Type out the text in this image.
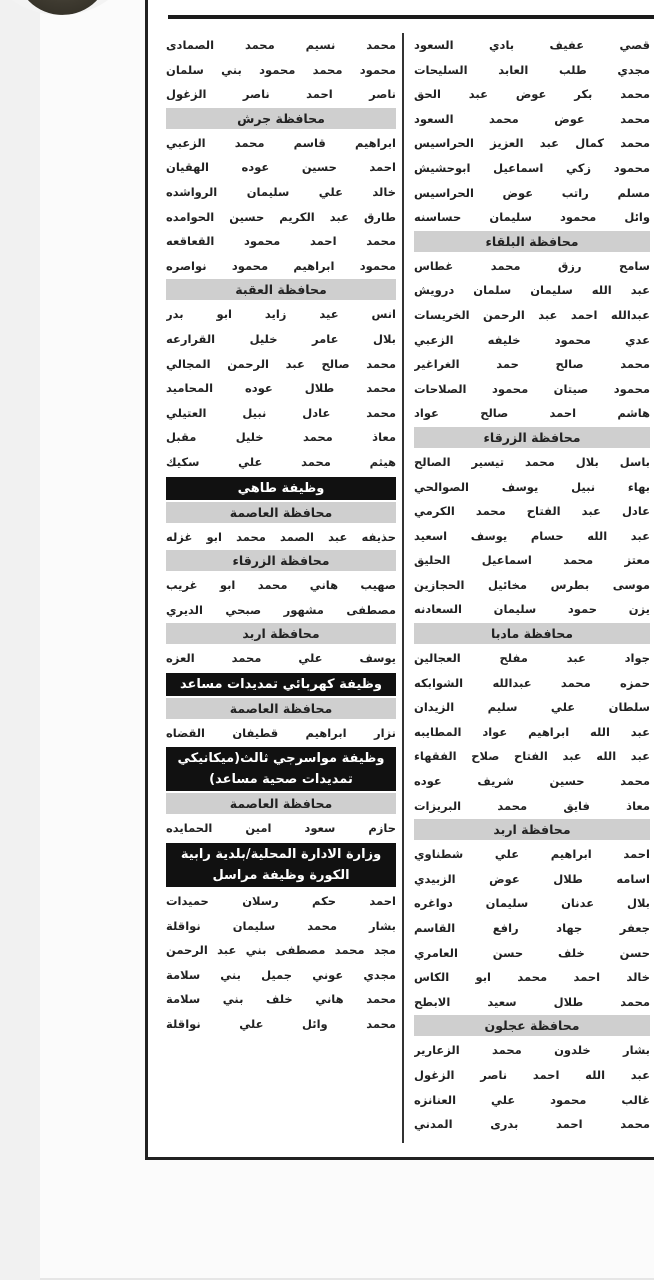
قصي عفيف بادي السعود
مجدي طلب العابد السليحات
محمد بكر عوض عبد الحق
محمد عوض محمد السعود
محمد كمال عبد العزيز الحراسيس
محمود زكي اسماعيل ابوحشيش
مسلم راتب عوض الحراسيس
وائل محمود سليمان حساسنه
محافظة البلقاء
سامح رزق محمد غطاس
عبد الله سليمان سلمان درويش
عبدالله احمد عبد الرحمن الخريسات
عدي محمود خليفه الزعبي
محمد صالح حمد الغراغير
محمود صيتان محمود الصلاحات
هاشم احمد صالح عواد
محافظة الزرقاء
باسل بلال محمد تيسير الصالح
بهاء نبيل يوسف الصوالحي
عادل عبد الفتاح محمد الكرمي
عبد الله حسام يوسف اسعيد
معتز محمد اسماعيل الحليق
موسى بطرس مخائيل الحجازين
يزن حمود سليمان السعادنه
محافظة مادبا
جواد عبد مفلح العجالين
حمزه محمد عبدالله الشوابكه
سلطان علي سليم الزيدان
عبد الله ابراهيم عواد المطايبه
عبد الله عبد الفتاح صلاح الفقهاء
محمد حسين شريف عوده
معاذ فايق محمد البريزات
محافظة اربد
احمد ابراهيم علي شطناوي
اسامه طلال عوض الزبيدي
بلال عدنان سليمان دواغره
جعفر جهاد رافع القاسم
حسن خلف حسن العامري
خالد احمد محمد ابو الكاس
محمد طلال سعيد الابطح
محافظة عجلون
بشار خلدون محمد الزعارير
عبد الله احمد ناصر الزغول
غالب محمود علي العنانزه
محمد احمد بدرى المدني
محمد نسيم محمد الصمادى
محمود محمد محمود بني سلمان
ناصر احمد ناصر الزغول
محافظة جرش
ابراهيم قاسم محمد الزعبي
احمد حسين عوده الهقيان
خالد علي سليمان الرواشده
طارق عبد الكريم حسين الحوامده
محمد احمد محمود القعاقعه
محمود ابراهيم محمود نواصره
محافظة العقبة
انس عيد زايد ابو بدر
بلال عامر خليل القرارعه
محمد صالح عبد الرحمن المجالي
محمد طلال عوده المحاميد
محمد عادل نبيل العتيلي
معاذ محمد خليل مقبل
هيثم محمد علي سكيك
وظيفة طاهي
محافظة العاصمة
حذيفه عبد الصمد محمد ابو غزله
محافظة الزرقاء
صهيب هاني محمد ابو غريب
مصطفى مشهور صبحي الديري
محافظة اربد
يوسف علي محمد العزه
وظيفة كهربائي تمديدات مساعد
محافظة العاصمة
نزار ابراهيم قطيفان القضاه
وظيفة مواسرجي ثالث(ميكانيكي تمديدات صحية مساعد)
محافظة العاصمة
حازم سعود امين الحمايده
وزارة الادارة المحلية/بلدية رابية الكورة وظيفة مراسل
احمد حكم رسلان حميدات
بشار محمد سليمان نواقلة
مجد محمد مصطفى بني عبد الرحمن
مجدي عوني جميل بني سلامة
محمد هاني خلف بني سلامة
محمد وائل علي نواقلة
